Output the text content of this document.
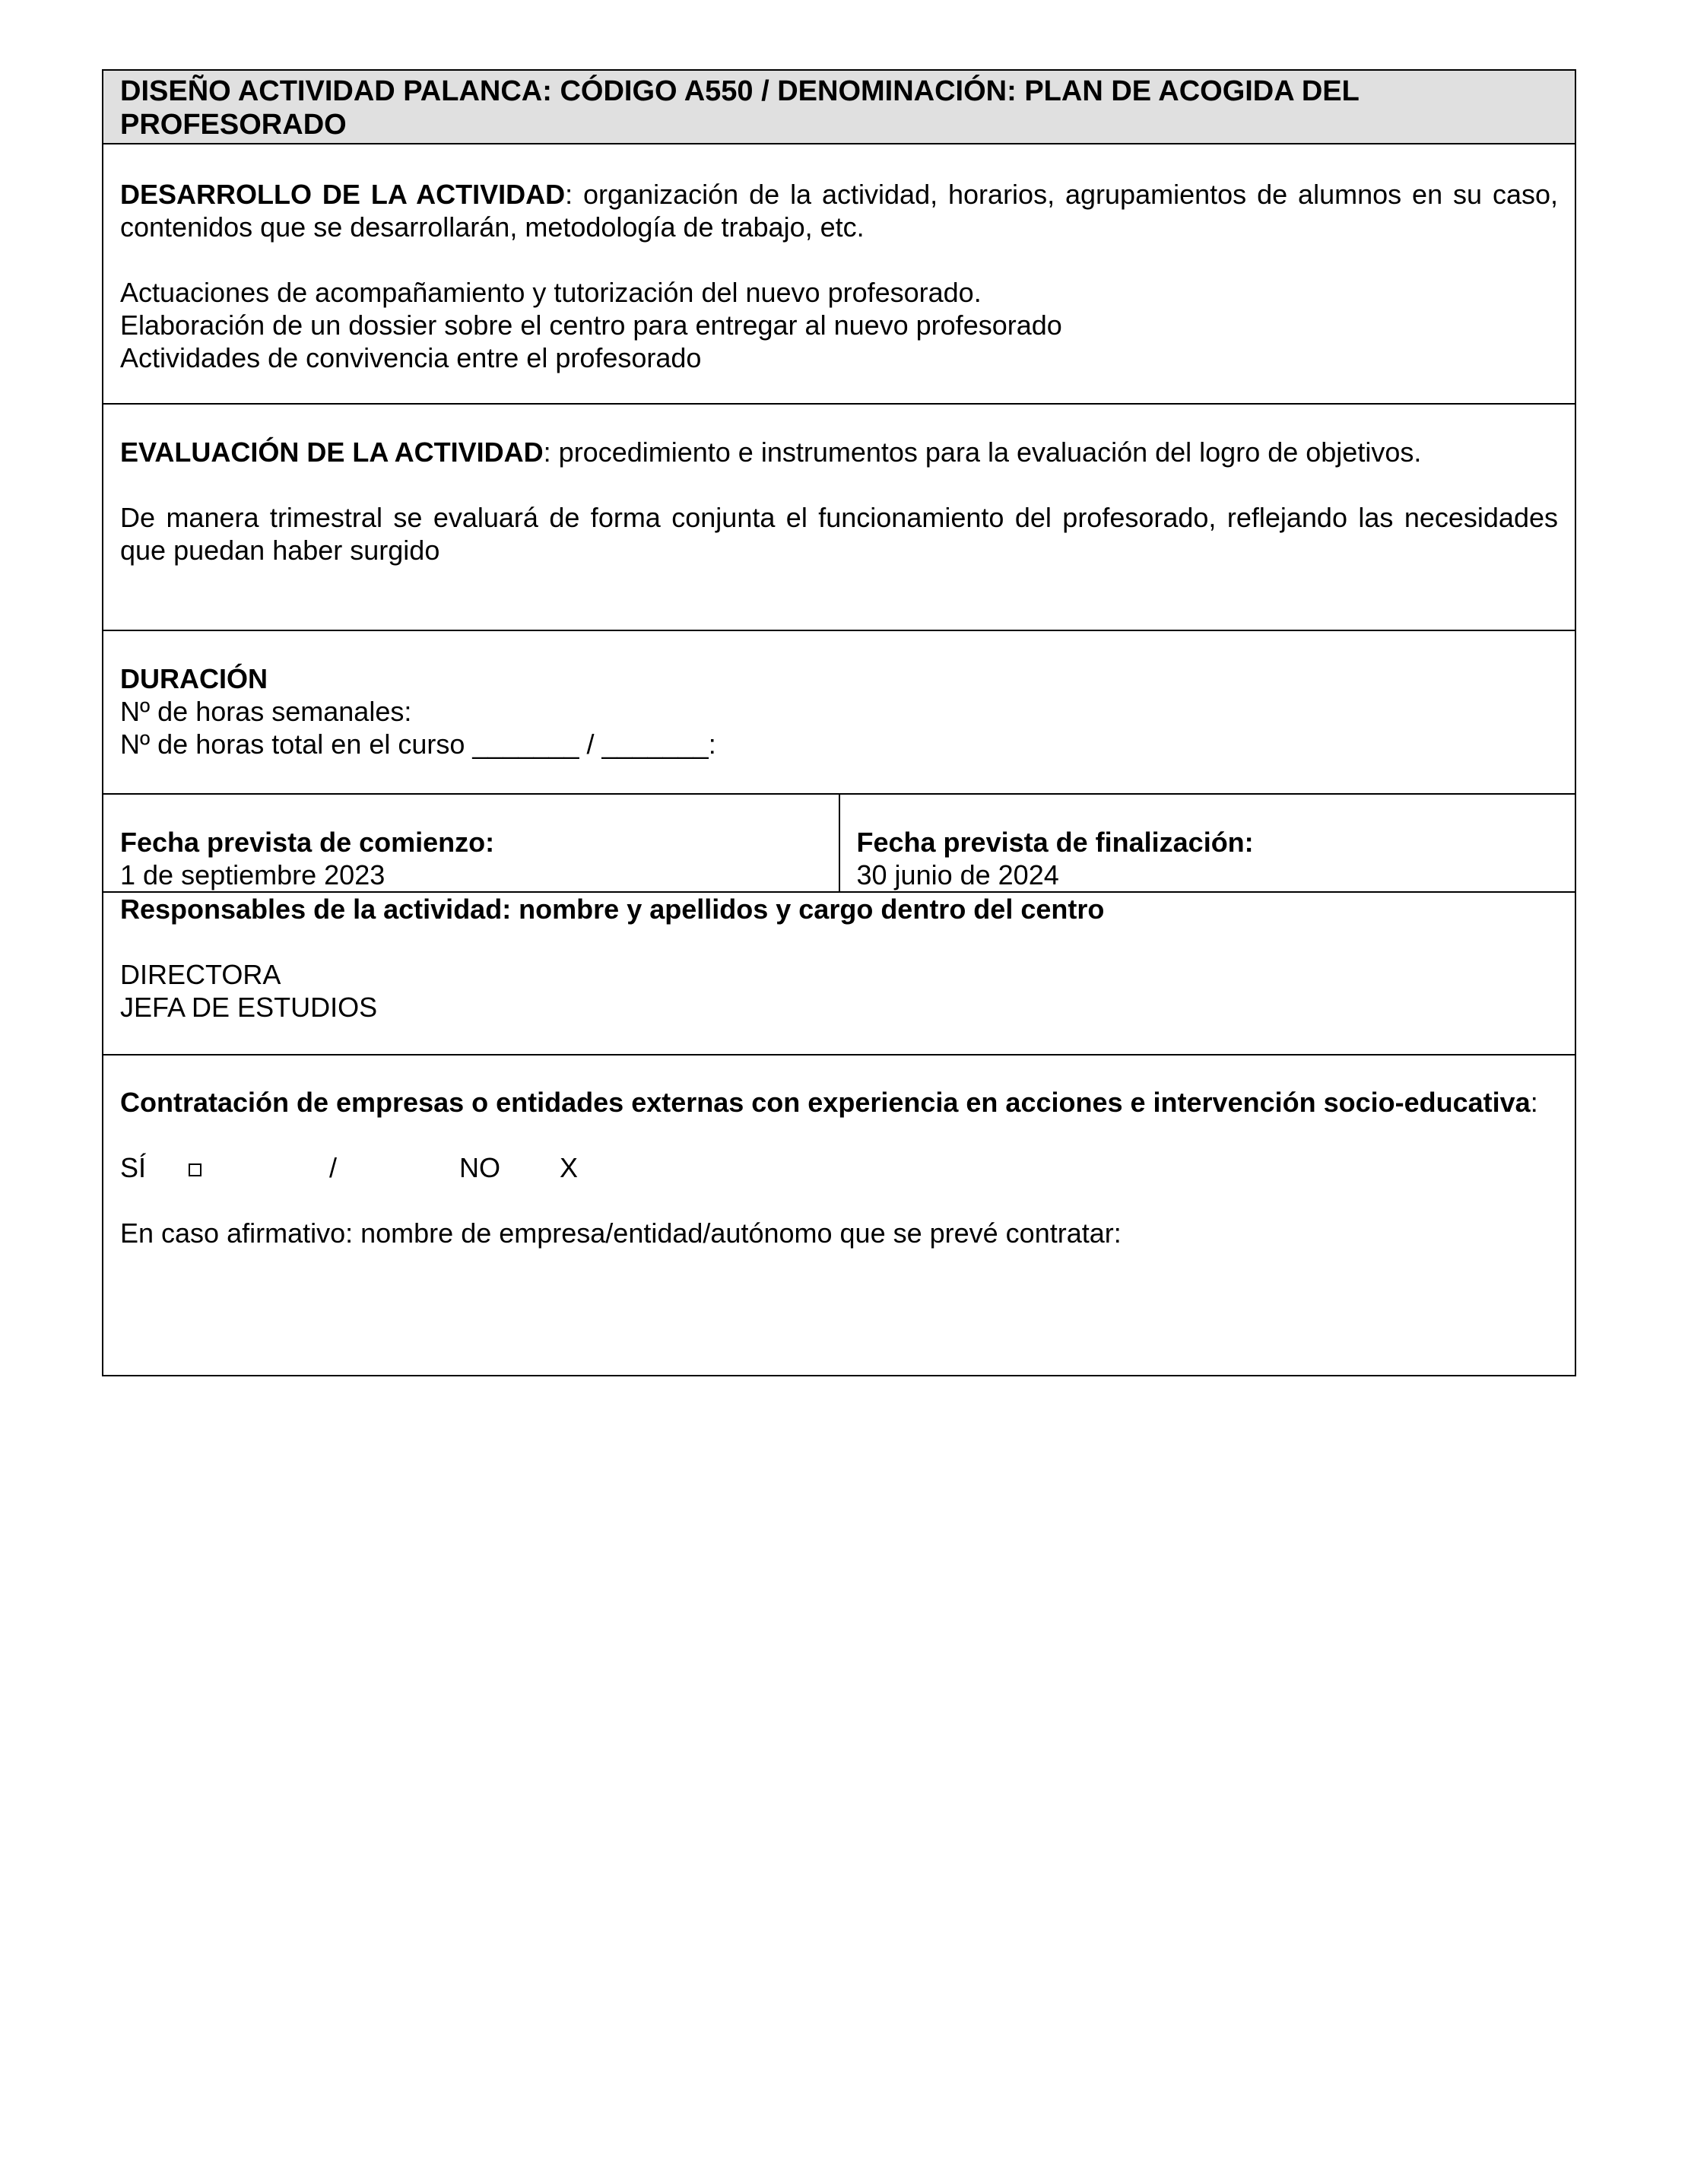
DISEÑO ACTIVIDAD PALANCA: CÓDIGO A550 / DENOMINACIÓN: PLAN DE ACOGIDA DEL PROFESORADO
DESARROLLO DE LA ACTIVIDAD: organización de la actividad, horarios, agrupamientos de alumnos en su caso, contenidos que se desarrollarán, metodología de trabajo, etc.
Actuaciones de acompañamiento y tutorización del nuevo profesorado.
Elaboración de un dossier sobre el centro para entregar al nuevo profesorado
Actividades de convivencia entre el profesorado
EVALUACIÓN DE LA ACTIVIDAD: procedimiento e instrumentos para la evaluación del logro de objetivos.
De manera trimestral se evaluará de forma conjunta el funcionamiento del profesorado, reflejando las necesidades que puedan haber surgido
DURACIÓN
Nº de horas semanales:
Nº de horas total en el curso _______ / _______:
Fecha prevista de comienzo:
1 de septiembre 2023
Fecha prevista de finalización:
30 junio de 2024
Responsables de la actividad: nombre y apellidos y cargo dentro del centro
DIRECTORA
JEFA DE ESTUDIOS
Contratación de empresas o entidades externas con experiencia en acciones e intervención socio-educativa:
SÍ	/	NO X
En caso afirmativo: nombre de empresa/entidad/autónomo que se prevé contratar:
